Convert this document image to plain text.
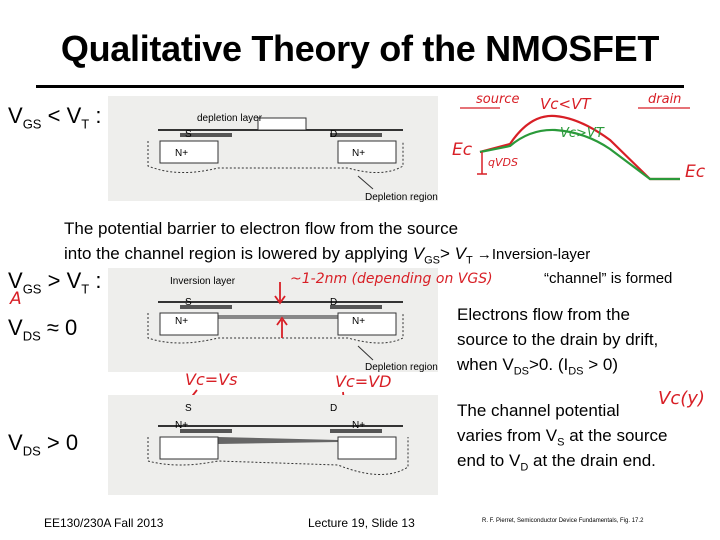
Qualitative Theory of the NMOSFET
$V_{GS} < V_T$ :
$V_{GS} > V_T$ :
$V_{DS} \approx 0$
$V_{DS} > 0$
depletion layer
S	D
N+	N+
Depletion region
source	drain
Vc<VT
Vc>VT
Ec
Ec
qVDS
The potential barrier to electron flow from the source
into the channel region is lowered by applying $V_{GS}> V_T$ →Inversion-layer
“channel” is formed
Inversion layer
S	D
N+	N+
Depletion region
A
~1-2nm (depending on VGS)
Vc=Vs	Vc=VD
Vc(y)
S	D
N+	N+
Electrons flow from the
source to the drain by drift,
when $V_{DS}>0$. $(I_{DS} > 0)$
The channel potential
varies from $V_S$ at the source
end to $V_D$ at the drain end.
EE130/230A Fall 2013	Lecture 19, Slide 13	R. F. Pierret, Semiconductor Device Fundamentals, Fig. 17.2
